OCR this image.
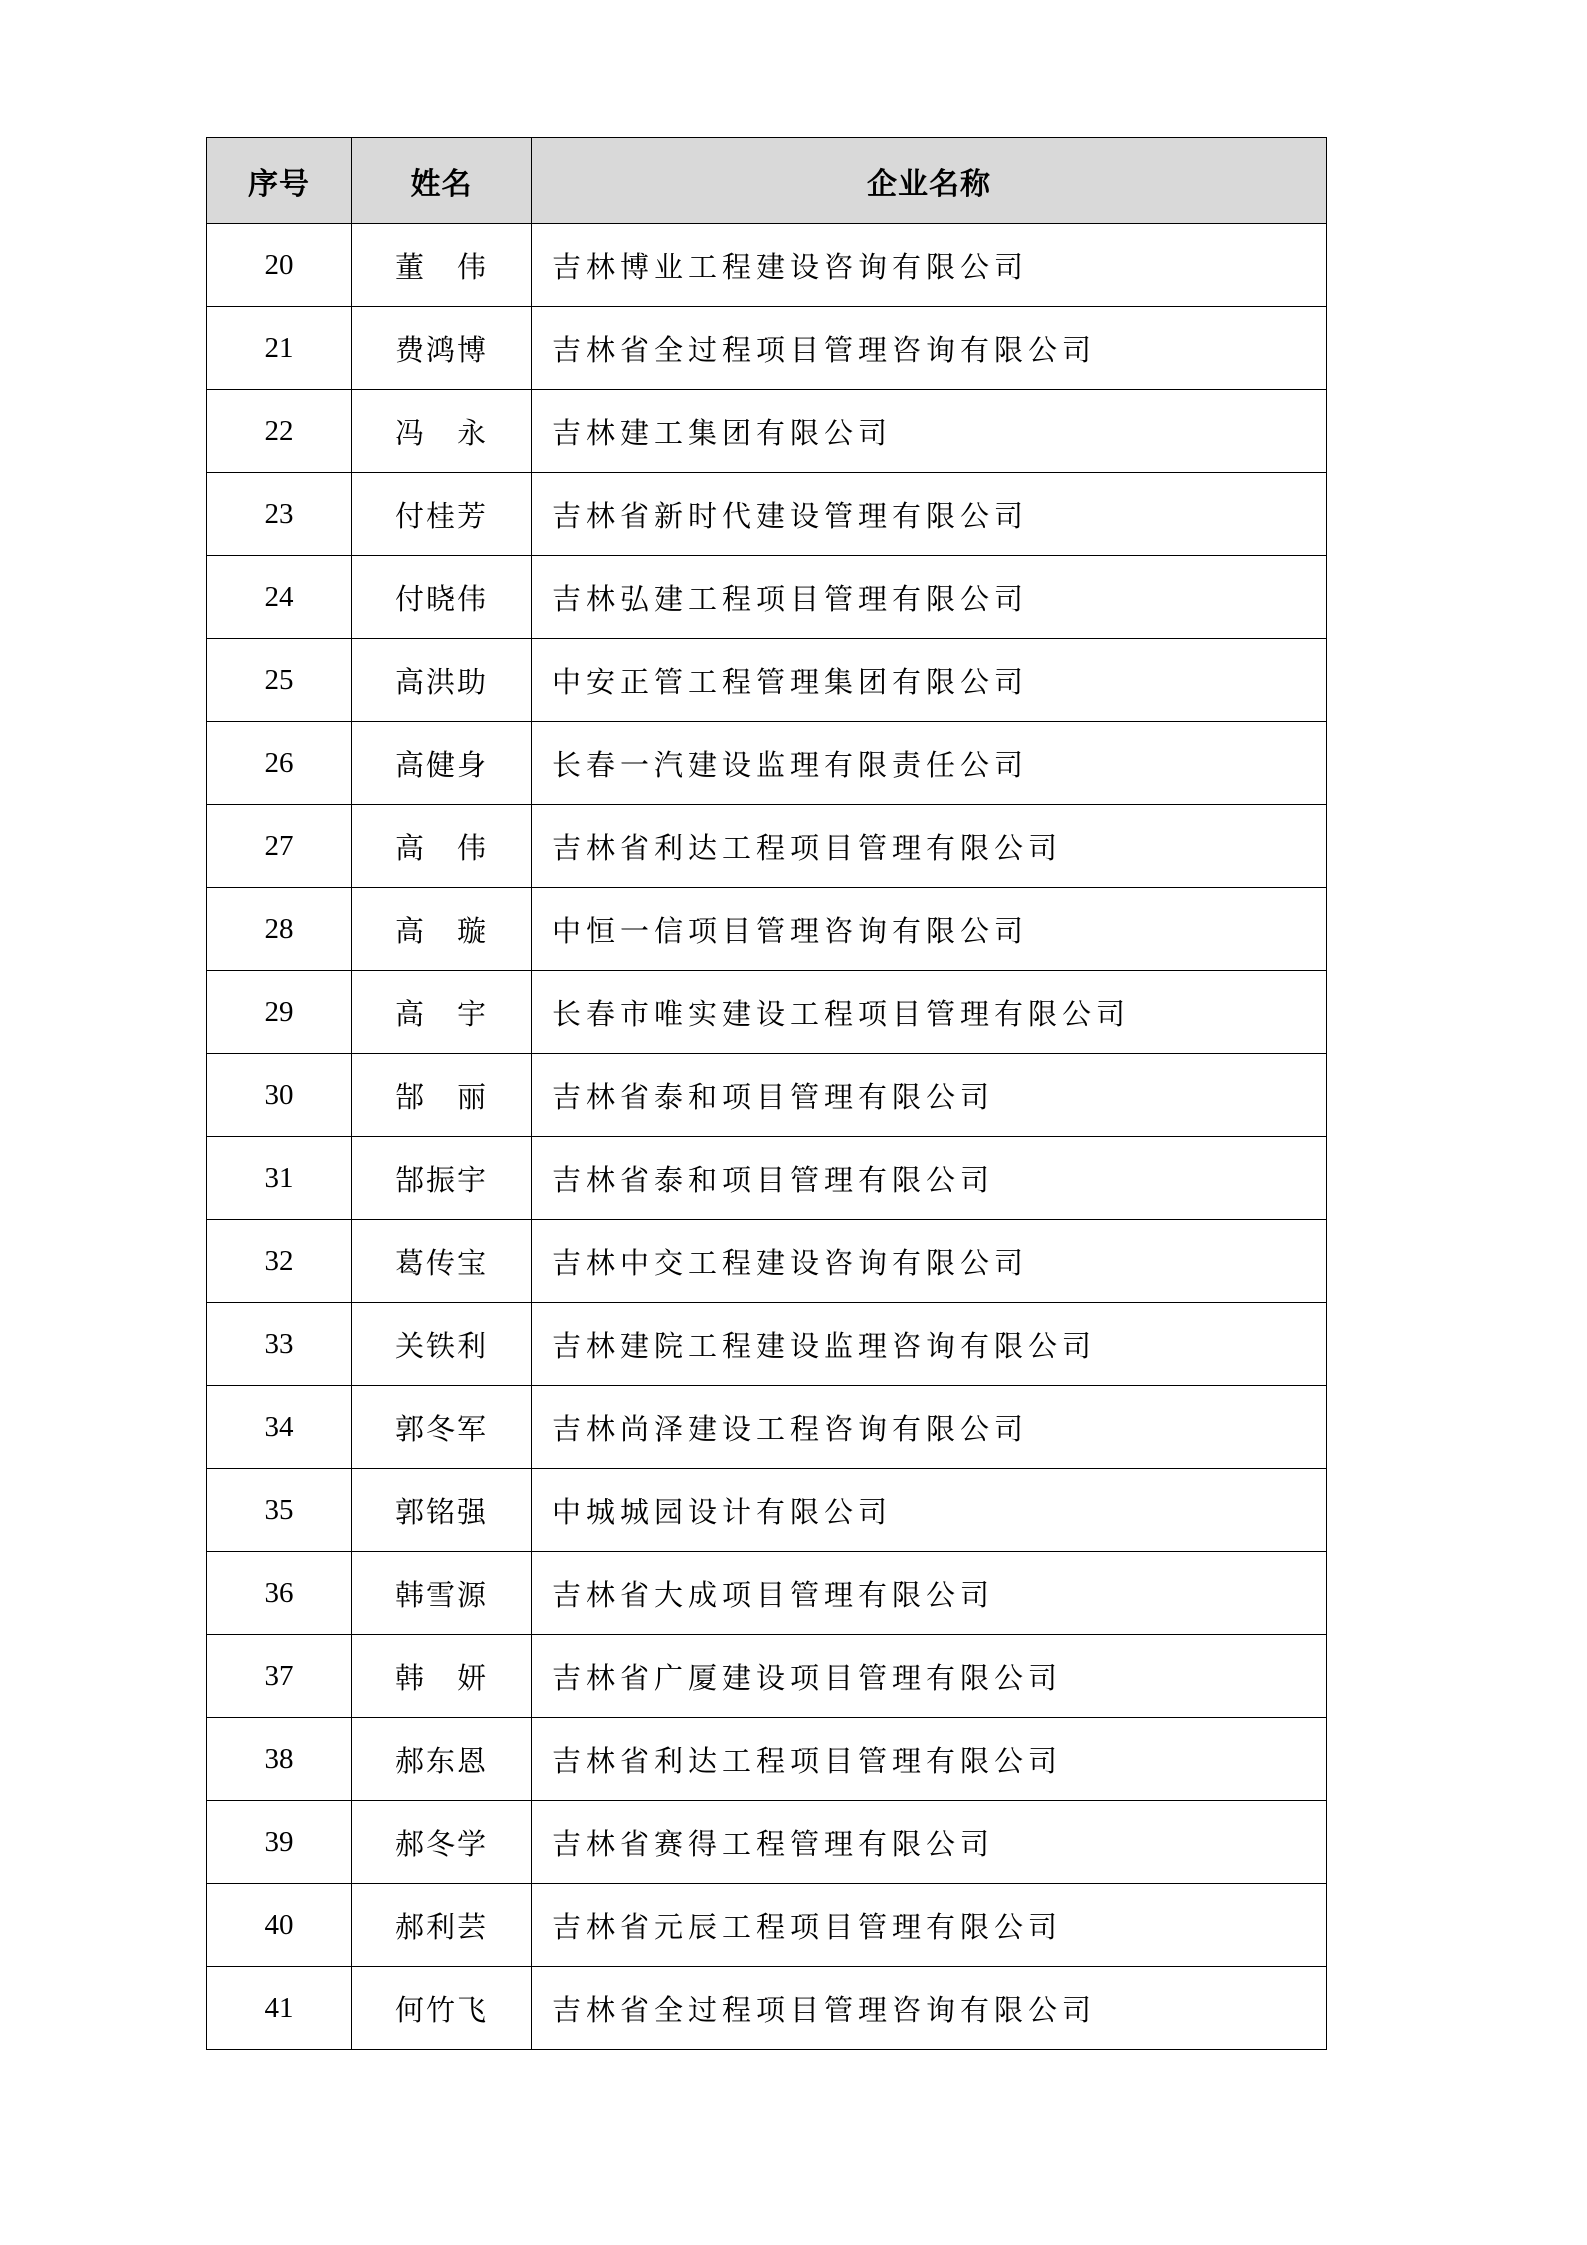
序号	姓名	企业名称
20	董　伟	吉林博业工程建设咨询有限公司
21	费鸿博	吉林省全过程项目管理咨询有限公司
22	冯　永	吉林建工集团有限公司
23	付桂芳	吉林省新时代建设管理有限公司
24	付晓伟	吉林弘建工程项目管理有限公司
25	高洪助	中安正管工程管理集团有限公司
26	高健身	长春一汽建设监理有限责任公司
27	高　伟	吉林省利达工程项目管理有限公司
28	高　璇	中恒一信项目管理咨询有限公司
29	高　宇	长春市唯实建设工程项目管理有限公司
30	郜　丽	吉林省泰和项目管理有限公司
31	郜振宇	吉林省泰和项目管理有限公司
32	葛传宝	吉林中交工程建设咨询有限公司
33	关铁利	吉林建院工程建设监理咨询有限公司
34	郭冬军	吉林尚泽建设工程咨询有限公司
35	郭铭强	中城城园设计有限公司
36	韩雪源	吉林省大成项目管理有限公司
37	韩　妍	吉林省广厦建设项目管理有限公司
38	郝东恩	吉林省利达工程项目管理有限公司
39	郝冬学	吉林省赛得工程管理有限公司
40	郝利芸	吉林省元辰工程项目管理有限公司
41	何竹飞	吉林省全过程项目管理咨询有限公司
